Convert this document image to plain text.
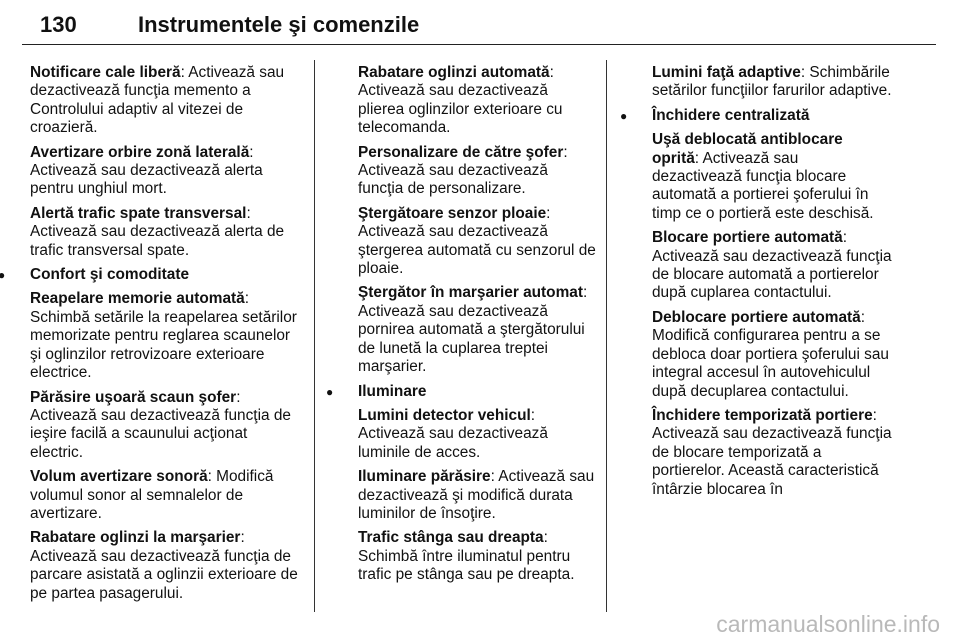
130	Instrumentele şi comenzile
Notificare cale liberă: Activează sau dezactivează funcţia memento a Controlului adaptiv al vitezei de croazieră.
Avertizare orbire zonă laterală: Activează sau dezactivează alerta pentru unghiul mort.
Alertă trafic spate transversal: Activează sau dezactivează alerta de trafic transversal spate.
● Confort şi comoditate
Reapelare memorie automată: Schimbă setările la reapelarea setărilor memorizate pentru reglarea scaunelor şi oglinzilor retrovizoare exterioare electrice.
Părăsire uşoară scaun şofer: Activează sau dezactivează funcţia de ieşire facilă a scaunului acţionat electric.
Volum avertizare sonoră: Modifică volumul sonor al semnalelor de avertizare.
Rabatare oglinzi la marşarier: Activează sau dezactivează funcţia de parcare asistată a oglinzii exterioare de pe partea pasagerului.
Rabatare oglinzi automată: Activează sau dezactivează plierea oglinzilor exterioare cu telecomanda.
Personalizare de către şofer: Activează sau dezactivează funcţia de personalizare.
Ştergătoare senzor ploaie: Activează sau dezactivează ştergerea automată cu senzorul de ploaie.
Ştergător în marşarier automat: Activează sau dezactivează pornirea automată a ştergătorului de lunetă la cuplarea treptei marşarier.
● Iluminare
Lumini detector vehicul: Activează sau dezactivează luminile de acces.
Iluminare părăsire: Activează sau dezactivează şi modifică durata luminilor de însoţire.
Trafic stânga sau dreapta: Schimbă între iluminatul pentru trafic pe stânga sau pe dreapta.
Lumini faţă adaptive: Schimbările setărilor funcţiilor farurilor adaptive.
● Închidere centralizată
Uşă deblocată antiblocare oprită: Activează sau dezactivează funcţia blocare automată a portierei şoferului în timp ce o portieră este deschisă.
Blocare portiere automată: Activează sau dezactivează funcţia de blocare automată a portierelor după cuplarea contactului.
Deblocare portiere automată: Modifică configurarea pentru a se debloca doar portiera şoferului sau integral accesul în autovehiculul după decuplarea contactului.
Închidere temporizată portiere: Activează sau dezactivează funcţia de blocare temporizată a portierelor. Această caracteristică întârzie blocarea în
carmanualsonline.info
